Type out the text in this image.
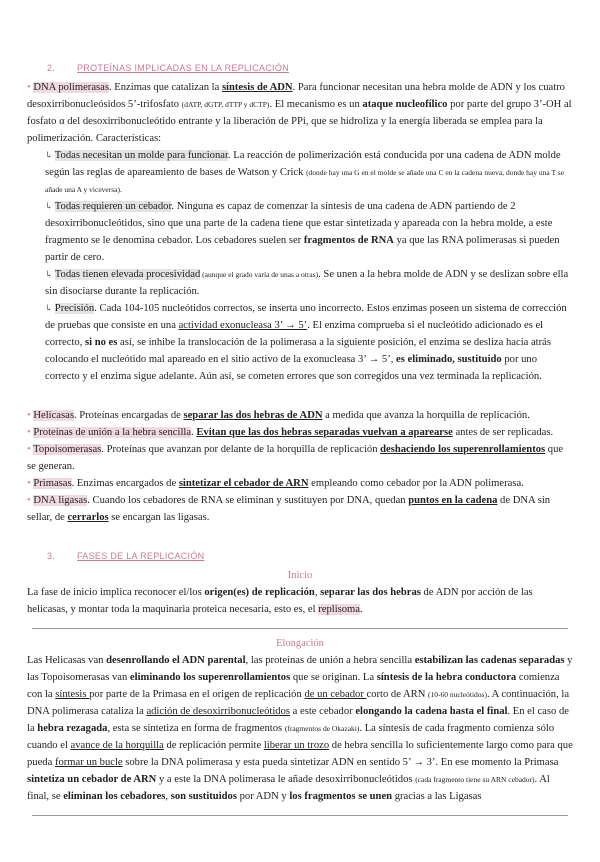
2. PROTEÍNAS IMPLICADAS EN LA REPLICACIÓN

• DNA polimerasas. Enzimas que catalizan la síntesis de ADN. Para funcionar necesitan una hebra molde de ADN y los cuatro desoxirribonucleósidos 5’-trifosfato (dATP, dGTP, dTTP y dCTP). El mecanismo es un ataque nucleofílico por parte del grupo 3’-OH al fosfato α del desoxirribonucleótido entrante y la liberación de PPi, que se hidroliza y la energía liberada se emplea para la polimerización. Características:

↳ Todas necesitan un molde para funcionar. La reacción de polimerización está conducida por una cadena de ADN molde según las reglas de apareamiento de bases de Watson y Crick (donde hay una G en el molde se añade una C en la cadena nueva, donde hay una T se añade una A y viceversa).

↳ Todas requieren un cebador. Ninguna es capaz de comenzar la síntesis de una cadena de ADN partiendo de 2 desoxirribonucleótidos, sino que una parte de la cadena tiene que estar sintetizada y apareada con la hebra molde, a este fragmento se le denomina cebador. Los cebadores suelen ser fragmentos de RNA ya que las RNA polimerasas si pueden partir de cero.

↳ Todas tienen elevada procesividad (aunque el grado varía de unas a otras). Se unen a la hebra molde de ADN y se deslizan sobre ella sin disociarse durante la replicación.

↳ Precisión. Cada 104-105 nucleótidos correctos, se inserta uno incorrecto. Estos enzimas poseen un sistema de corrección de pruebas que consiste en una actividad exonucleasa 3’ → 5’. El enzima comprueba si el nucleótido adicionado es el correcto, si no es así, se inhibe la translocación de la polimerasa a la siguiente posición, el enzima se desliza hacia atrás colocando el nucleótido mal apareado en el sitio activo de la exonucleasa 3’ → 5’, es eliminado, sustituido por uno correcto y el enzima sigue adelante. Aún así, se cometen errores que son corregidos una vez terminada la replicación.

• Helicasas. Proteínas encargadas de separar las dos hebras de ADN a medida que avanza la horquilla de replicación.

• Proteínas de unión a la hebra sencilla. Evitan que las dos hebras separadas vuelvan a aparearse antes de ser replicadas.

• Topoisomerasas. Proteínas que avanzan por delante de la horquilla de replicación deshaciendo los superenrollamientos que se generan.

• Primasas. Enzimas encargados de sintetizar el cebador de ARN empleando como cebador por la ADN polimerasa.

• DNA ligasas. Cuando los cebadores de RNA se eliminan y sustituyen por DNA, quedan puntos en la cadena de DNA sin sellar, de cerrarlos se encargan las ligasas.

3. FASES DE LA REPLICACIÓN
Inicio

La fase de inicio implica reconocer el/los origen(es) de replicación, separar las dos hebras de ADN por acción de las helicasas, y montar toda la maquinaria proteica necesaria, esto es, el replisoma.

Elongación

Las Helicasas van desenrollando el ADN parental, las proteínas de unión a hebra sencilla estabilizan las cadenas separadas y las Topoisomerasas van eliminando los superenrollamientos que se originan. La síntesis de la hebra conductora comienza con la síntesis por parte de la Primasa en el origen de replicación de un cebador corto de ARN (10-60 nucleótidos). A continuación, la DNA polimerasa cataliza la adición de desoxirribonucleótidos a este cebador elongando la cadena hasta el final. En el caso de la hebra rezagada, esta se sintetiza en forma de fragmentos (fragmentos de Okazaki). La síntesis de cada fragmento comienza sólo cuando el avance de la horquilla de replicación permite liberar un trozo de hebra sencilla lo suficientemente largo como para que pueda formar un bucle sobre la DNA polimerasa y esta pueda sintetizar ADN en sentido 5’ → 3’. En ese momento la Primasa sintetiza un cebador de ARN y a este la DNA polimerasa le añade desoxirribonucleótidos (cada fragmento tiene su ARN cebador). Al final, se eliminan los cebadores, son sustituidos por ADN y los fragmentos se unen gracias a las Ligasas
